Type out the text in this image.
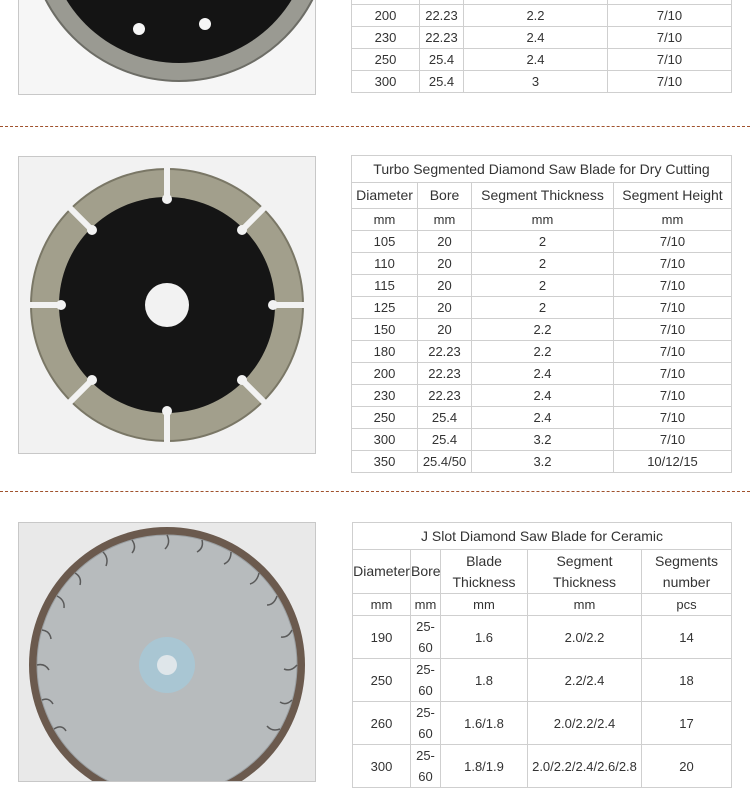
200	22.23	2.2	7/10
230	22.23	2.4	7/10
250	25.4	2.4	7/10
300	25.4	3	7/10
Turbo Segmented Diamond Saw Blade for Dry Cutting			
Diameter	Bore	Segment Thickness	Segment Height
mm	mm	mm	mm
105	20	2	7/10
110	20	2	7/10
115	20	2	7/10
125	20	2	7/10
150	20	2.2	7/10
180	22.23	2.2	7/10
200	22.23	2.4	7/10
230	22.23	2.4	7/10
250	25.4	2.4	7/10
300	25.4	3.2	7/10
350	25.4/50	3.2	10/12/15
J Slot Diamond Saw Blade for Ceramic				
Diameter	Bore	Blade Thickness	Segment Thickness	Segments number
mm	mm	mm	mm	pcs
190	25-60	1.6	2.0/2.2	14
250	25-60	1.8	2.2/2.4	18
260	25-60	1.6/1.8	2.0/2.2/2.4	17
300	25-60	1.8/1.9	2.0/2.2/2.4/2.6/2.8	20
